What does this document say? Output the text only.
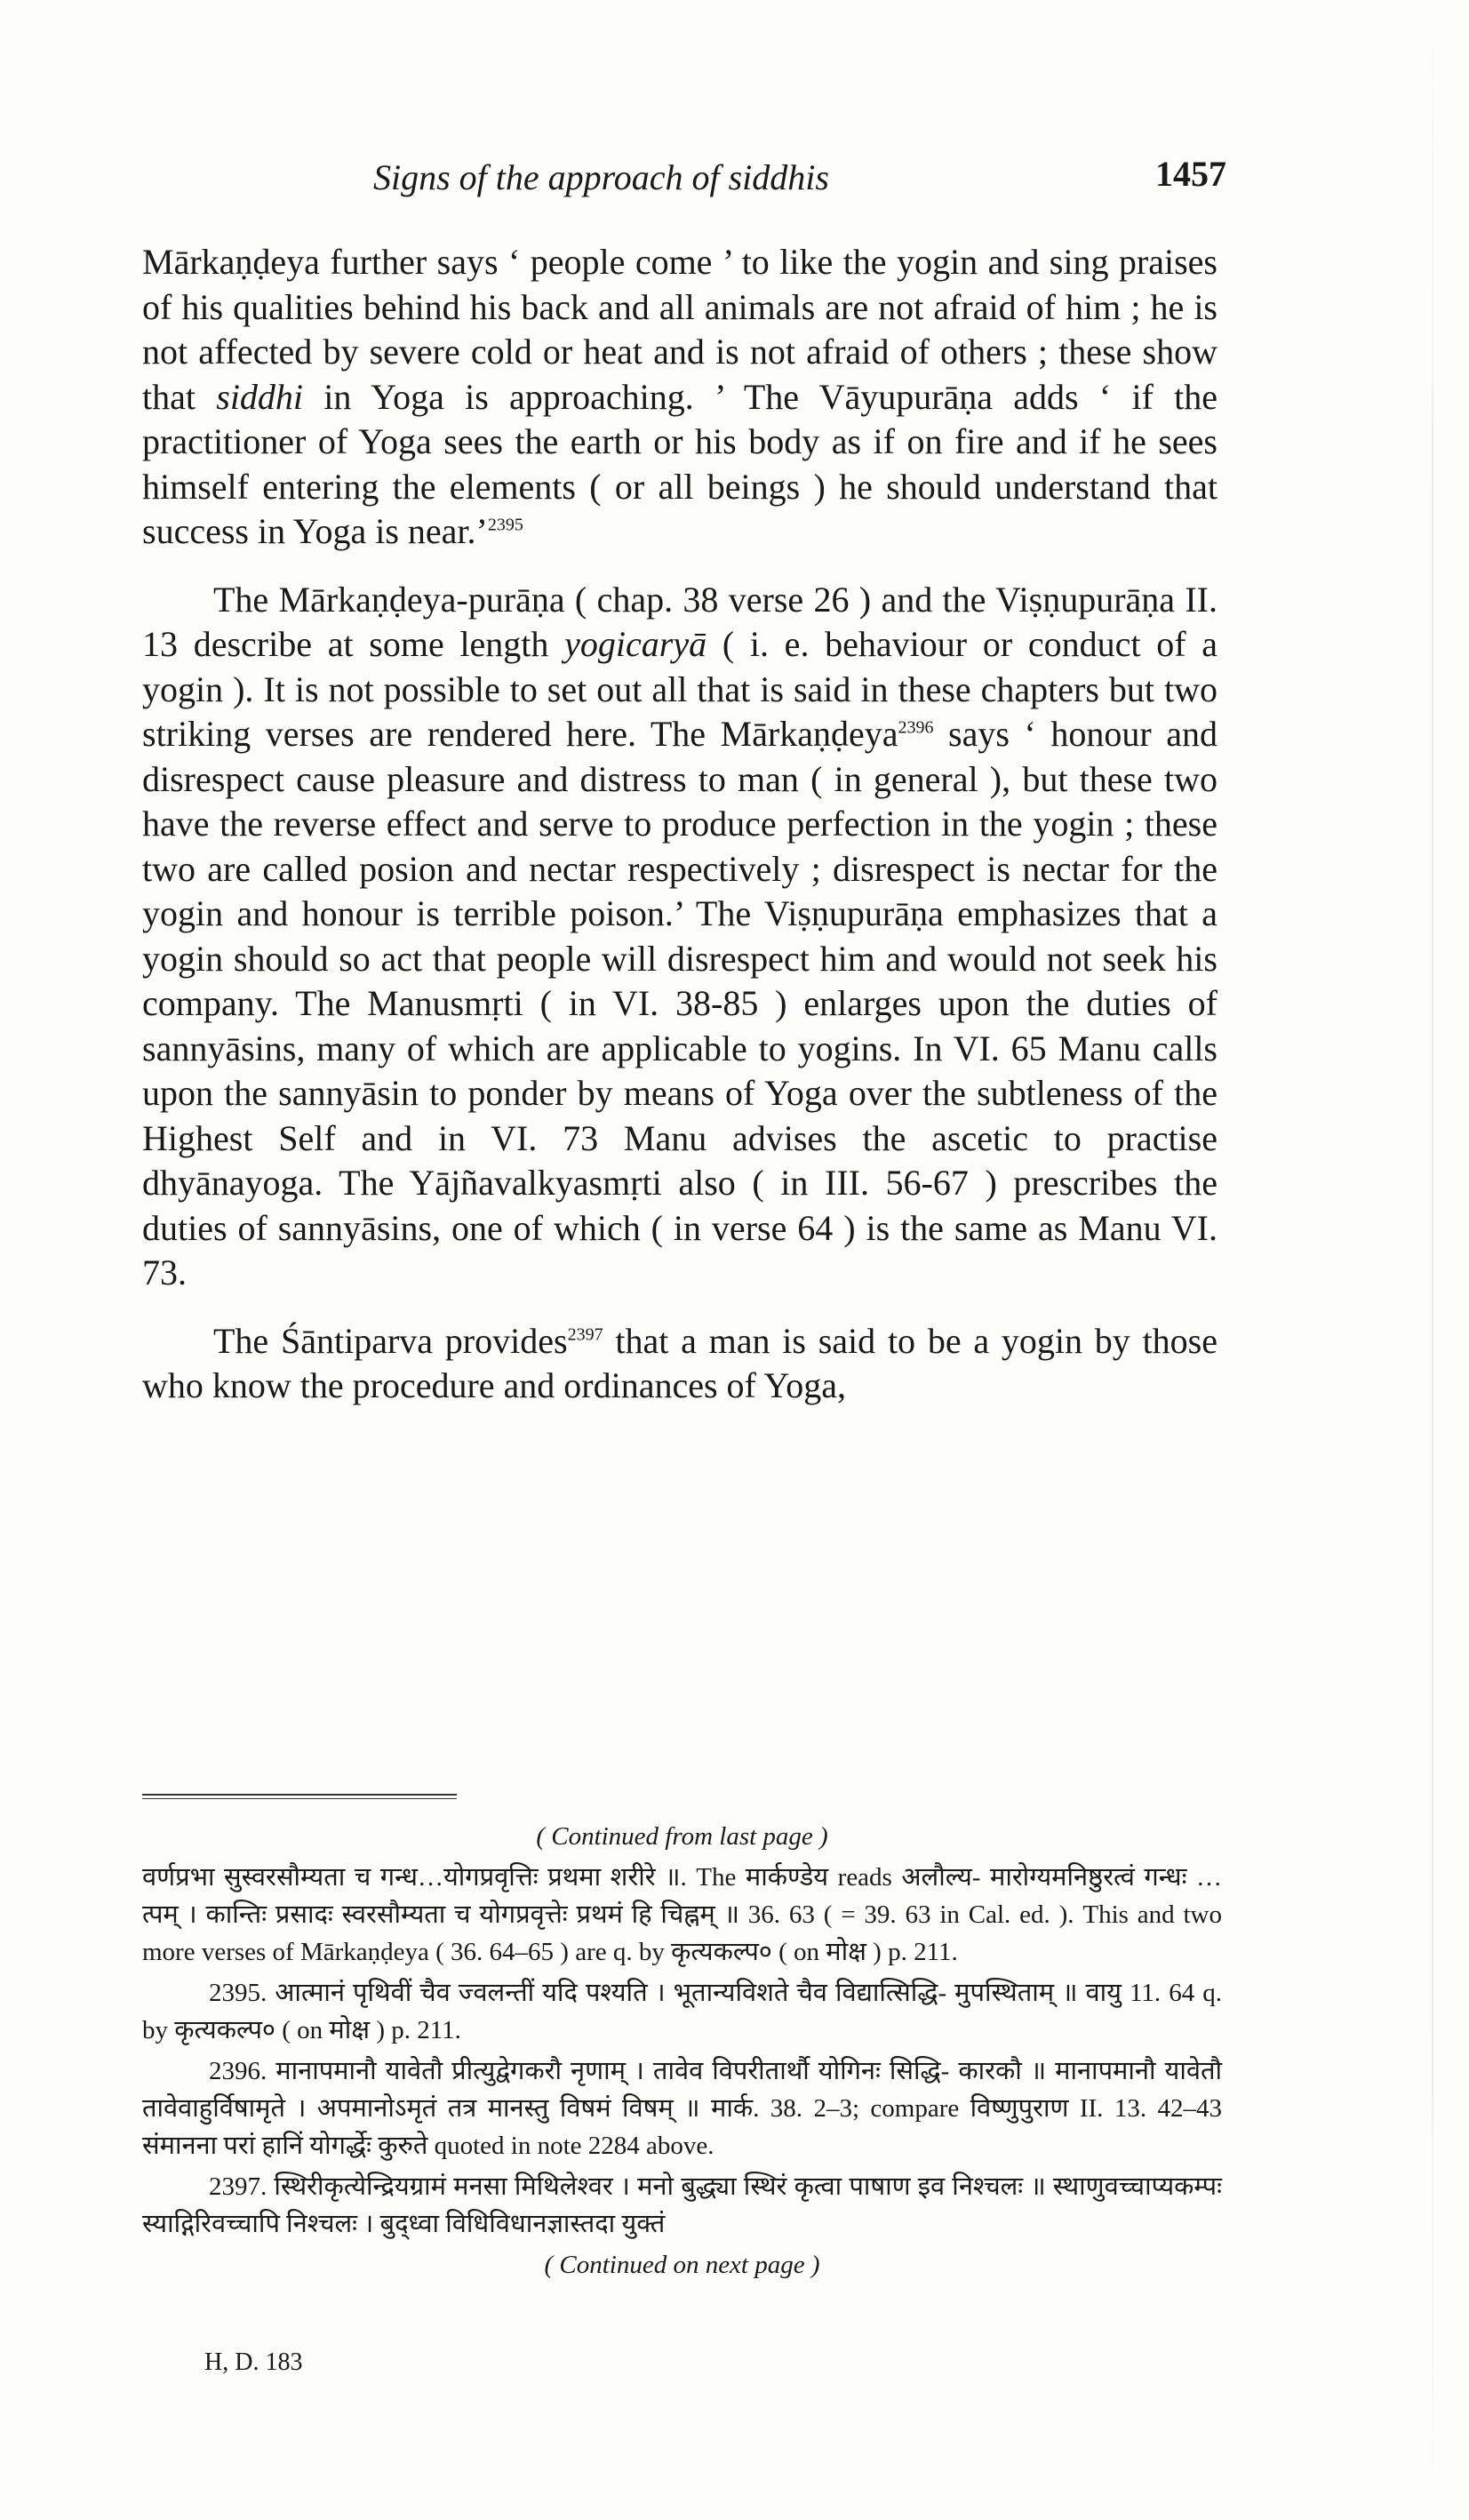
Signs of the approach of siddhis	1457

Mārkaṇḍeya further says ‘ people come ’ to like the yogin and sing praises of his qualities behind his back and all animals are not afraid of him ; he is not affected by severe cold or heat and is not afraid of others ; these show that siddhi in Yoga is approaching. ’ The Vāyupurāṇa adds ‘ if the practitioner of Yoga sees the earth or his body as if on fire and if he sees himself entering the elements ( or all beings ) he should understand that success in Yoga is near.’$^{2395}$

The Mārkaṇḍeya-purāṇa ( chap. 38 verse 26 ) and the Viṣṇupurāṇa II. 13 describe at some length yogicaryā ( i. e. behaviour or conduct of a yogin ). It is not possible to set out all that is said in these chapters but two striking verses are rendered here. The Mārkaṇḍeya$^{2396}$ says ‘ honour and disrespect cause pleasure and distress to man ( in general ), but these two have the reverse effect and serve to produce perfection in the yogin ; these two are called posion and nectar respectively ; disrespect is nectar for the yogin and honour is terrible poison.’ The Viṣṇupurāṇa emphasizes that a yogin should so act that people will disrespect him and would not seek his company. The Manusmṛti ( in VI. 38-85 ) enlarges upon the duties of sannyāsins, many of which are applicable to yogins. In VI. 65 Manu calls upon the sannyāsin to ponder by means of Yoga over the subtleness of the Highest Self and in VI. 73 Manu advises the ascetic to practise dhyānayoga. The Yājñavalkyasmṛti also ( in III. 56-67 ) prescribes the duties of sannyāsins, one of which ( in verse 64 ) is the same as Manu VI. 73.

The Śāntiparva provides$^{2397}$ that a man is said to be a yogin by those who know the procedure and ordinances of Yoga,

( Continued from last page )
वर्णप्रभा सुस्वरसौम्यता च गन्ध…योगप्रवृत्तिः प्रथमा शरीरे ॥. The मार्कण्डेय reads अलौल्य- मारोग्यमनिष्ठुरत्वं गन्धः … त्पम् । कान्तिः प्रसादः स्वरसौम्यता च योगप्रवृत्तेः प्रथमं हि चिह्नम् ॥ 36. 63 ( = 39. 63 in Cal. ed. ). This and two more verses of Mārkaṇḍeya ( 36. 64–65 ) are q. by कृत्यकल्प० ( on मोक्ष ) p. 211.
2395. आत्मानं पृथिवीं चैव ज्वलन्तीं यदि पश्यति । भूतान्यविशते चैव विद्यात्सिद्धि- मुपस्थिताम् ॥ वायु 11. 64 q. by कृत्यकल्प० ( on मोक्ष ) p. 211.
2396. मानापमानौ यावेतौ प्रीत्युद्वेगकरौ नृणाम् । तावेव विपरीतार्थौ योगिनः सिद्धि- कारकौ ॥ मानापमानौ यावेतौ तावेवाहुर्विषामृते । अपमानोऽमृतं तत्र मानस्तु विषमं विषम् ॥ मार्क. 38. 2–3; compare विष्णुपुराण II. 13. 42–43 संमानना परां हानिं योगर्द्धेः कुरुते quoted in note 2284 above.
2397. स्थिरीकृत्येन्द्रियग्रामं मनसा मिथिलेश्वर । मनो बुद्ध्या स्थिरं कृत्वा पाषाण इव निश्चलः ॥ स्थाणुवच्चाप्यकम्पः स्याद्गिरिवच्चापि निश्चलः । बुद्ध्वा विधिविधानज्ञास्तदा युक्तं
( Continued on next page )
H, D. 183
